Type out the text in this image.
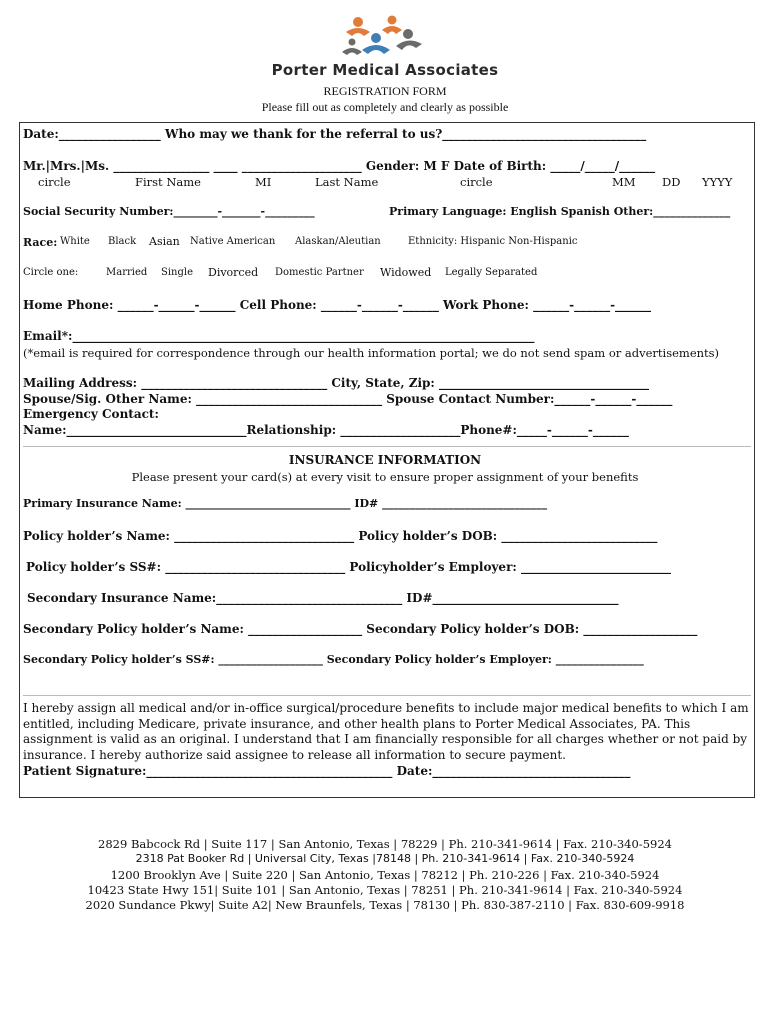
Porter Medical Associates
REGISTRATION FORM
Please fill out as completely and clearly as possible
Date:_________________ Who may we thank for the referral to us?__________________________________
Mr.|Mrs.|Ms. ________________ ____ ____________________ Gender: M F Date of Birth: _____/_____/______
circle	First Name	MI	Last Name	circle	MM DD YYYY
Social Security Number:________-_______-_________	Primary Language: English Spanish Other:______________
Race: White Black Asian Native American Alaskan/Aleutian	Ethnicity: Hispanic Non-Hispanic
Circle one:	Married Single Divorced Domestic Partner Widowed Legally Separated
Home Phone: ______-______-______ Cell Phone: ______-______-______ Work Phone: ______-______-______
Email*:_____________________________________________________________________________
(*email is required for correspondence through our health information portal; we do not send spam or advertisements)
Mailing Address: _______________________________ City, State, Zip: ___________________________________
Spouse/Sig. Other Name: _______________________________ Spouse Contact Number:______-______-______
Emergency Contact:
Name:______________________________Relationship: ____________________Phone#:_____-______-______
INSURANCE INFORMATION
Please present your card(s) at every visit to ensure proper assignment of your benefits
Primary Insurance Name: ______________________________ ID# ______________________________
Policy holder’s Name: ______________________________ Policy holder’s DOB: __________________________
Policy holder’s SS#: ______________________________ Policyholder’s Employer: _________________________
Secondary Insurance Name:_______________________________ ID#_______________________________
Secondary Policy holder’s Name: ___________________ Secondary Policy holder’s DOB: ___________________
Secondary Policy holder’s SS#: ___________________ Secondary Policy holder’s Employer: ________________
I hereby assign all medical and/or in-office surgical/procedure benefits to include major medical benefits to which I am entitled, including Medicare, private insurance, and other health plans to Porter Medical Associates, PA. This assignment is valid as an original. I understand that I am financially responsible for all charges whether or not paid by insurance. I hereby authorize said assignee to release all information to secure payment.
Patient Signature:_________________________________________ Date:_________________________________
2829 Babcock Rd | Suite 117 | San Antonio, Texas | 78229 | Ph. 210-341-9614 | Fax. 210-340-5924
2318 Pat Booker Rd | Universal City, Texas |78148 | Ph. 210-341-9614 | Fax. 210-340-5924
1200 Brooklyn Ave | Suite 220 | San Antonio, Texas | 78212 | Ph. 210-226 | Fax. 210-340-5924
10423 State Hwy 151| Suite 101 | San Antonio, Texas | 78251 | Ph. 210-341-9614 | Fax. 210-340-5924
2020 Sundance Pkwy| Suite A2| New Braunfels, Texas | 78130 | Ph. 830-387-2110 | Fax. 830-609-9918
